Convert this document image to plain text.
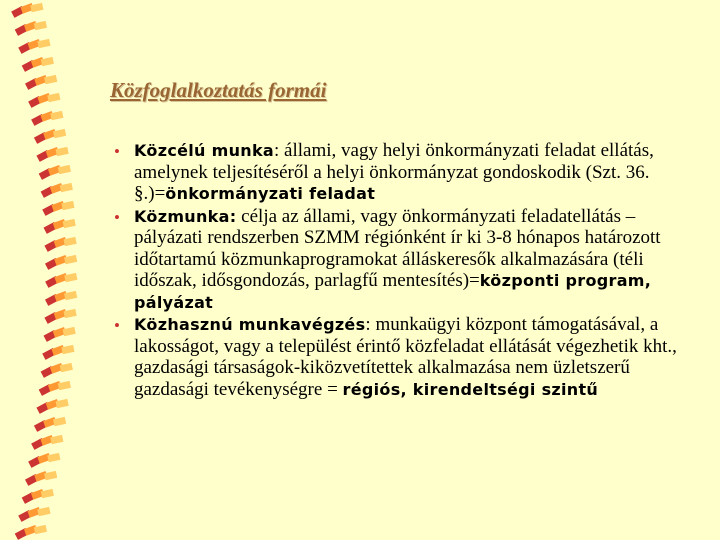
Közfoglalkoztatás formái
• Közcélú munka: állami, vagy helyi önkormányzati feladat ellátás, amelynek teljesítéséről a helyi önkormányzat gondoskodik (Szt. 36. §.)=önkormányzati feladat
• Közmunka: célja az állami, vagy önkormányzati feladatellátás – pályázati rendszerben SZMM régiónként ír ki 3-8 hónapos határozott időtartamú közmunkaprogramokat álláskeresők alkalmazására (téli időszak, idősgondozás, parlagfű mentesítés)=központi program, pályázat
• Közhasznú munkavégzés: munkaügyi központ támogatásával, a lakosságot, vagy a települést érintő közfeladat ellátását végezhetik kht., gazdasági társaságok-kiközvetítettek alkalmazása nem üzletszerű gazdasági tevékenységre = régiós, kirendeltségi szintű
